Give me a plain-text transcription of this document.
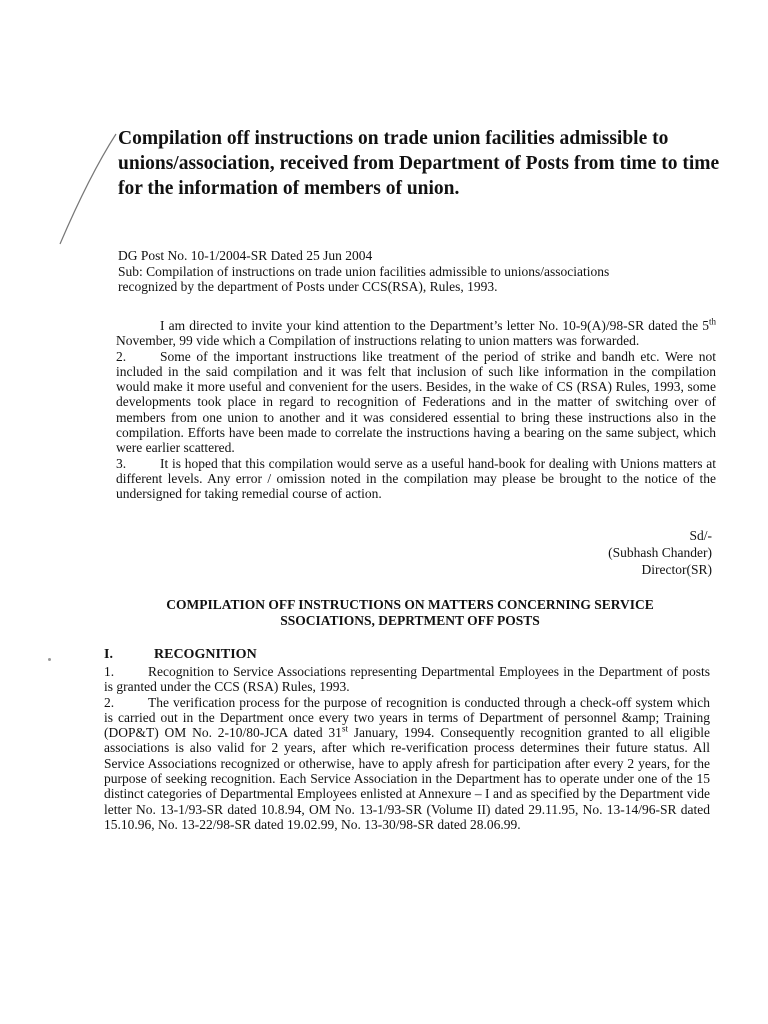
Compilation off instructions on trade union facilities admissible to unions/association, received from Department of Posts from time to time for the information of members of union.
DG Post No. 10-1/2004-SR Dated 25 Jun 2004
Sub: Compilation of instructions on trade union facilities admissible to unions/associations
recognized by the department of Posts under CCS(RSA), Rules, 1993.

I am directed to invite your kind attention to the Department’s letter No. 10-9(A)/98-SR dated the 5th November, 99 vide which a Compilation of instructions relating to union matters was forwarded.

2.	Some of the important instructions like treatment of the period of strike and bandh etc. Were not included in the said compilation and it was felt that inclusion of such like information in the compilation would make it more useful and convenient for the users. Besides, in the wake of CS (RSA) Rules, 1993, some developments took place in regard to recognition of Federations and in the matter of switching over of members from one union to another and it was considered essential to bring these instructions also in the compilation. Efforts have been made to correlate the instructions having a bearing on the same subject, which were earlier scattered.

3.	It is hoped that this compilation would serve as a useful hand-book for dealing with Unions matters at different levels. Any error / omission noted in the compilation may please be brought to the notice of the undersigned for taking remedial course of action.

Sd/-
(Subhash Chander)
Director(SR)
COMPILATION OFF INSTRUCTIONS ON MATTERS CONCERNING SERVICE
SSOCIATIONS, DEPRTMENT OFF POSTS
I.	RECOGNITION

1.	Recognition to Service Associations representing Departmental Employees in the Department of posts is granted under the CCS (RSA) Rules, 1993.

2.	The verification process for the purpose of recognition is conducted through a check-off system which is carried out in the Department once every two years in terms of Department of personnel &amp; Training (DOP&T) OM No. 2-10/80-JCA dated 31st January, 1994. Consequently recognition granted to all eligible associations is also valid for 2 years, after which re-verification process determines their future status. All Service Associations recognized or otherwise, have to apply afresh for participation after every 2 years, for the purpose of seeking recognition. Each Service Association in the Department has to operate under one of the 15 distinct categories of Departmental Employees enlisted at Annexure – I and as specified by the Department vide letter No. 13-1/93-SR dated 10.8.94, OM No. 13-1/93-SR (Volume II) dated 29.11.95, No. 13-14/96-SR dated 15.10.96, No. 13-22/98-SR dated 19.02.99, No. 13-30/98-SR dated 28.06.99.
